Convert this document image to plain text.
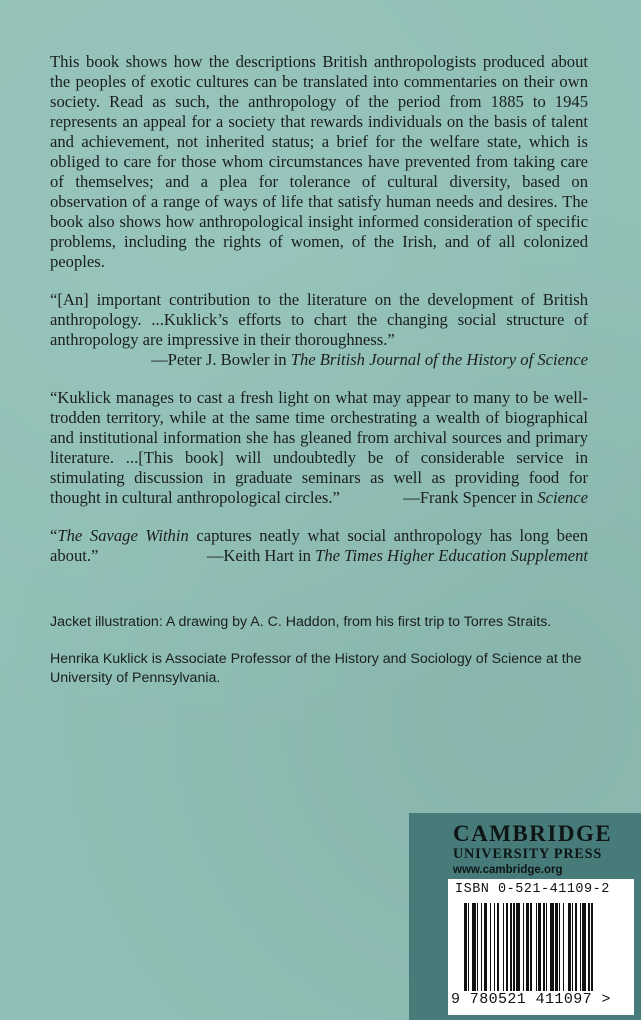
This book shows how the descriptions British anthropologists produced about the peoples of exotic cultures can be translated into commentaries on their own society. Read as such, the anthropology of the period from 1885 to 1945 represents an appeal for a society that rewards individuals on the basis of talent and achievement, not inherited status; a brief for the welfare state, which is obliged to care for those whom circumstances have prevented from taking care of themselves; and a plea for tolerance of cultural diversity, based on observation of a range of ways of life that satisfy human needs and desires. The book also shows how anthropological insight informed consideration of specific problems, including the rights of women, of the Irish, and of all colonized peoples.

“[An] important contribution to the literature on the development of British anthropology. ...Kuklick’s efforts to chart the changing social structure of anthropology are impressive in their thoroughness.”

—Peter J. Bowler in The British Journal of the History of Science

“Kuklick manages to cast a fresh light on what may appear to many to be well-trodden territory, while at the same time orchestrating a wealth of biographical and institutional information she has gleaned from archival sources and primary literature. ...[This book] will undoubtedly be of considerable service in stimulating discussion in graduate seminars as well as providing food for thought in cultural anthropological circles.”	—Frank Spencer in Science

“The Savage Within captures neatly what social anthropology has long been about.”	—Keith Hart in The Times Higher Education Supplement

Jacket illustration: A drawing by A. C. Haddon, from his first trip to Torres Straits.

Henrika Kuklick is Associate Professor of the History and Sociology of Science at the University of Pennsylvania.

CAMBRIDGE
UNIVERSITY PRESS
www.cambridge.org
ISBN 0-521-41109-2
9 780521 411097 >
